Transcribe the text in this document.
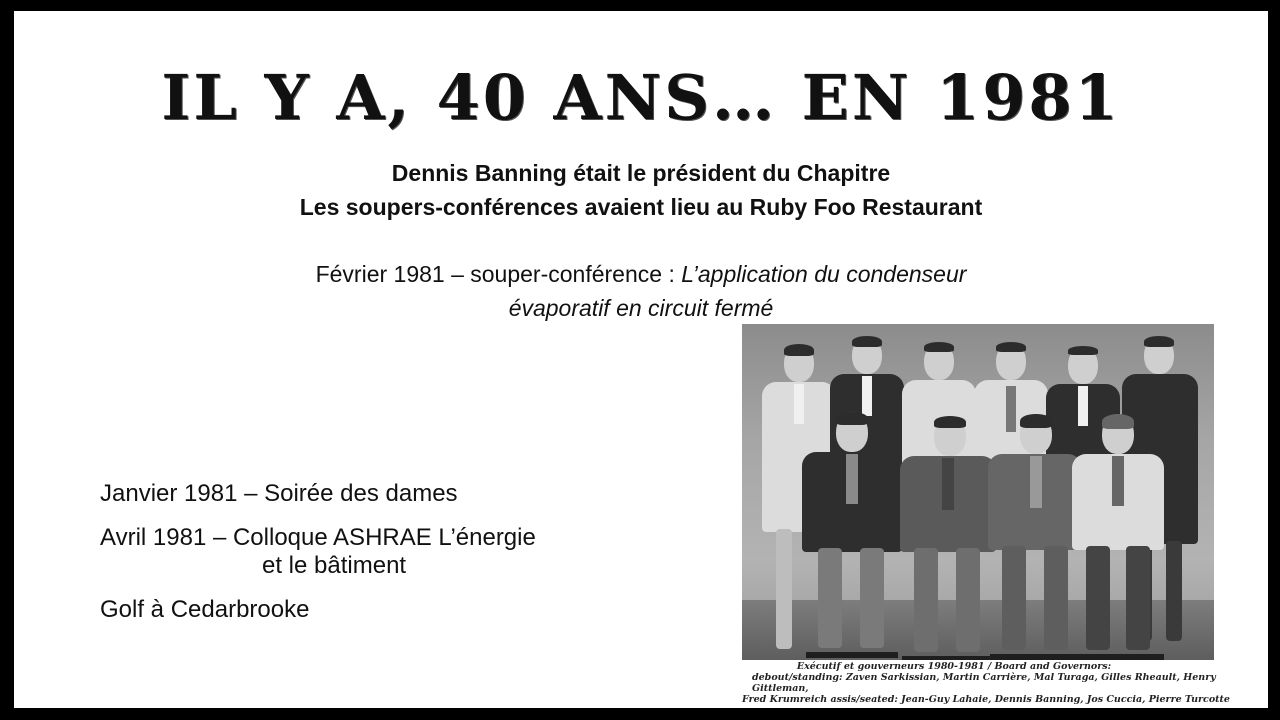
IL Y A, 40 ANS… EN 1981
Dennis Banning était le président du Chapitre
Les soupers-conférences avaient lieu au Ruby Foo Restaurant
Février 1981 – souper-conférence : L’application du condenseur
évaporatif en circuit fermé
Janvier 1981 – Soirée des dames
Avril 1981 – Colloque ASHRAE L’énergie
et le bâtiment
Golf à Cedarbrooke
Exécutif et gouverneurs 1980-1981 / Board and Governors:
debout/standing: Zaven Sarkissian, Martin Carrière, Mal Turaga, Gilles Rheault, Henry Gittleman,
Fred Krumreich assis/seated: Jean-Guy Lahaie, Dennis Banning, Jos Cuccia, Pierre Turcotte
